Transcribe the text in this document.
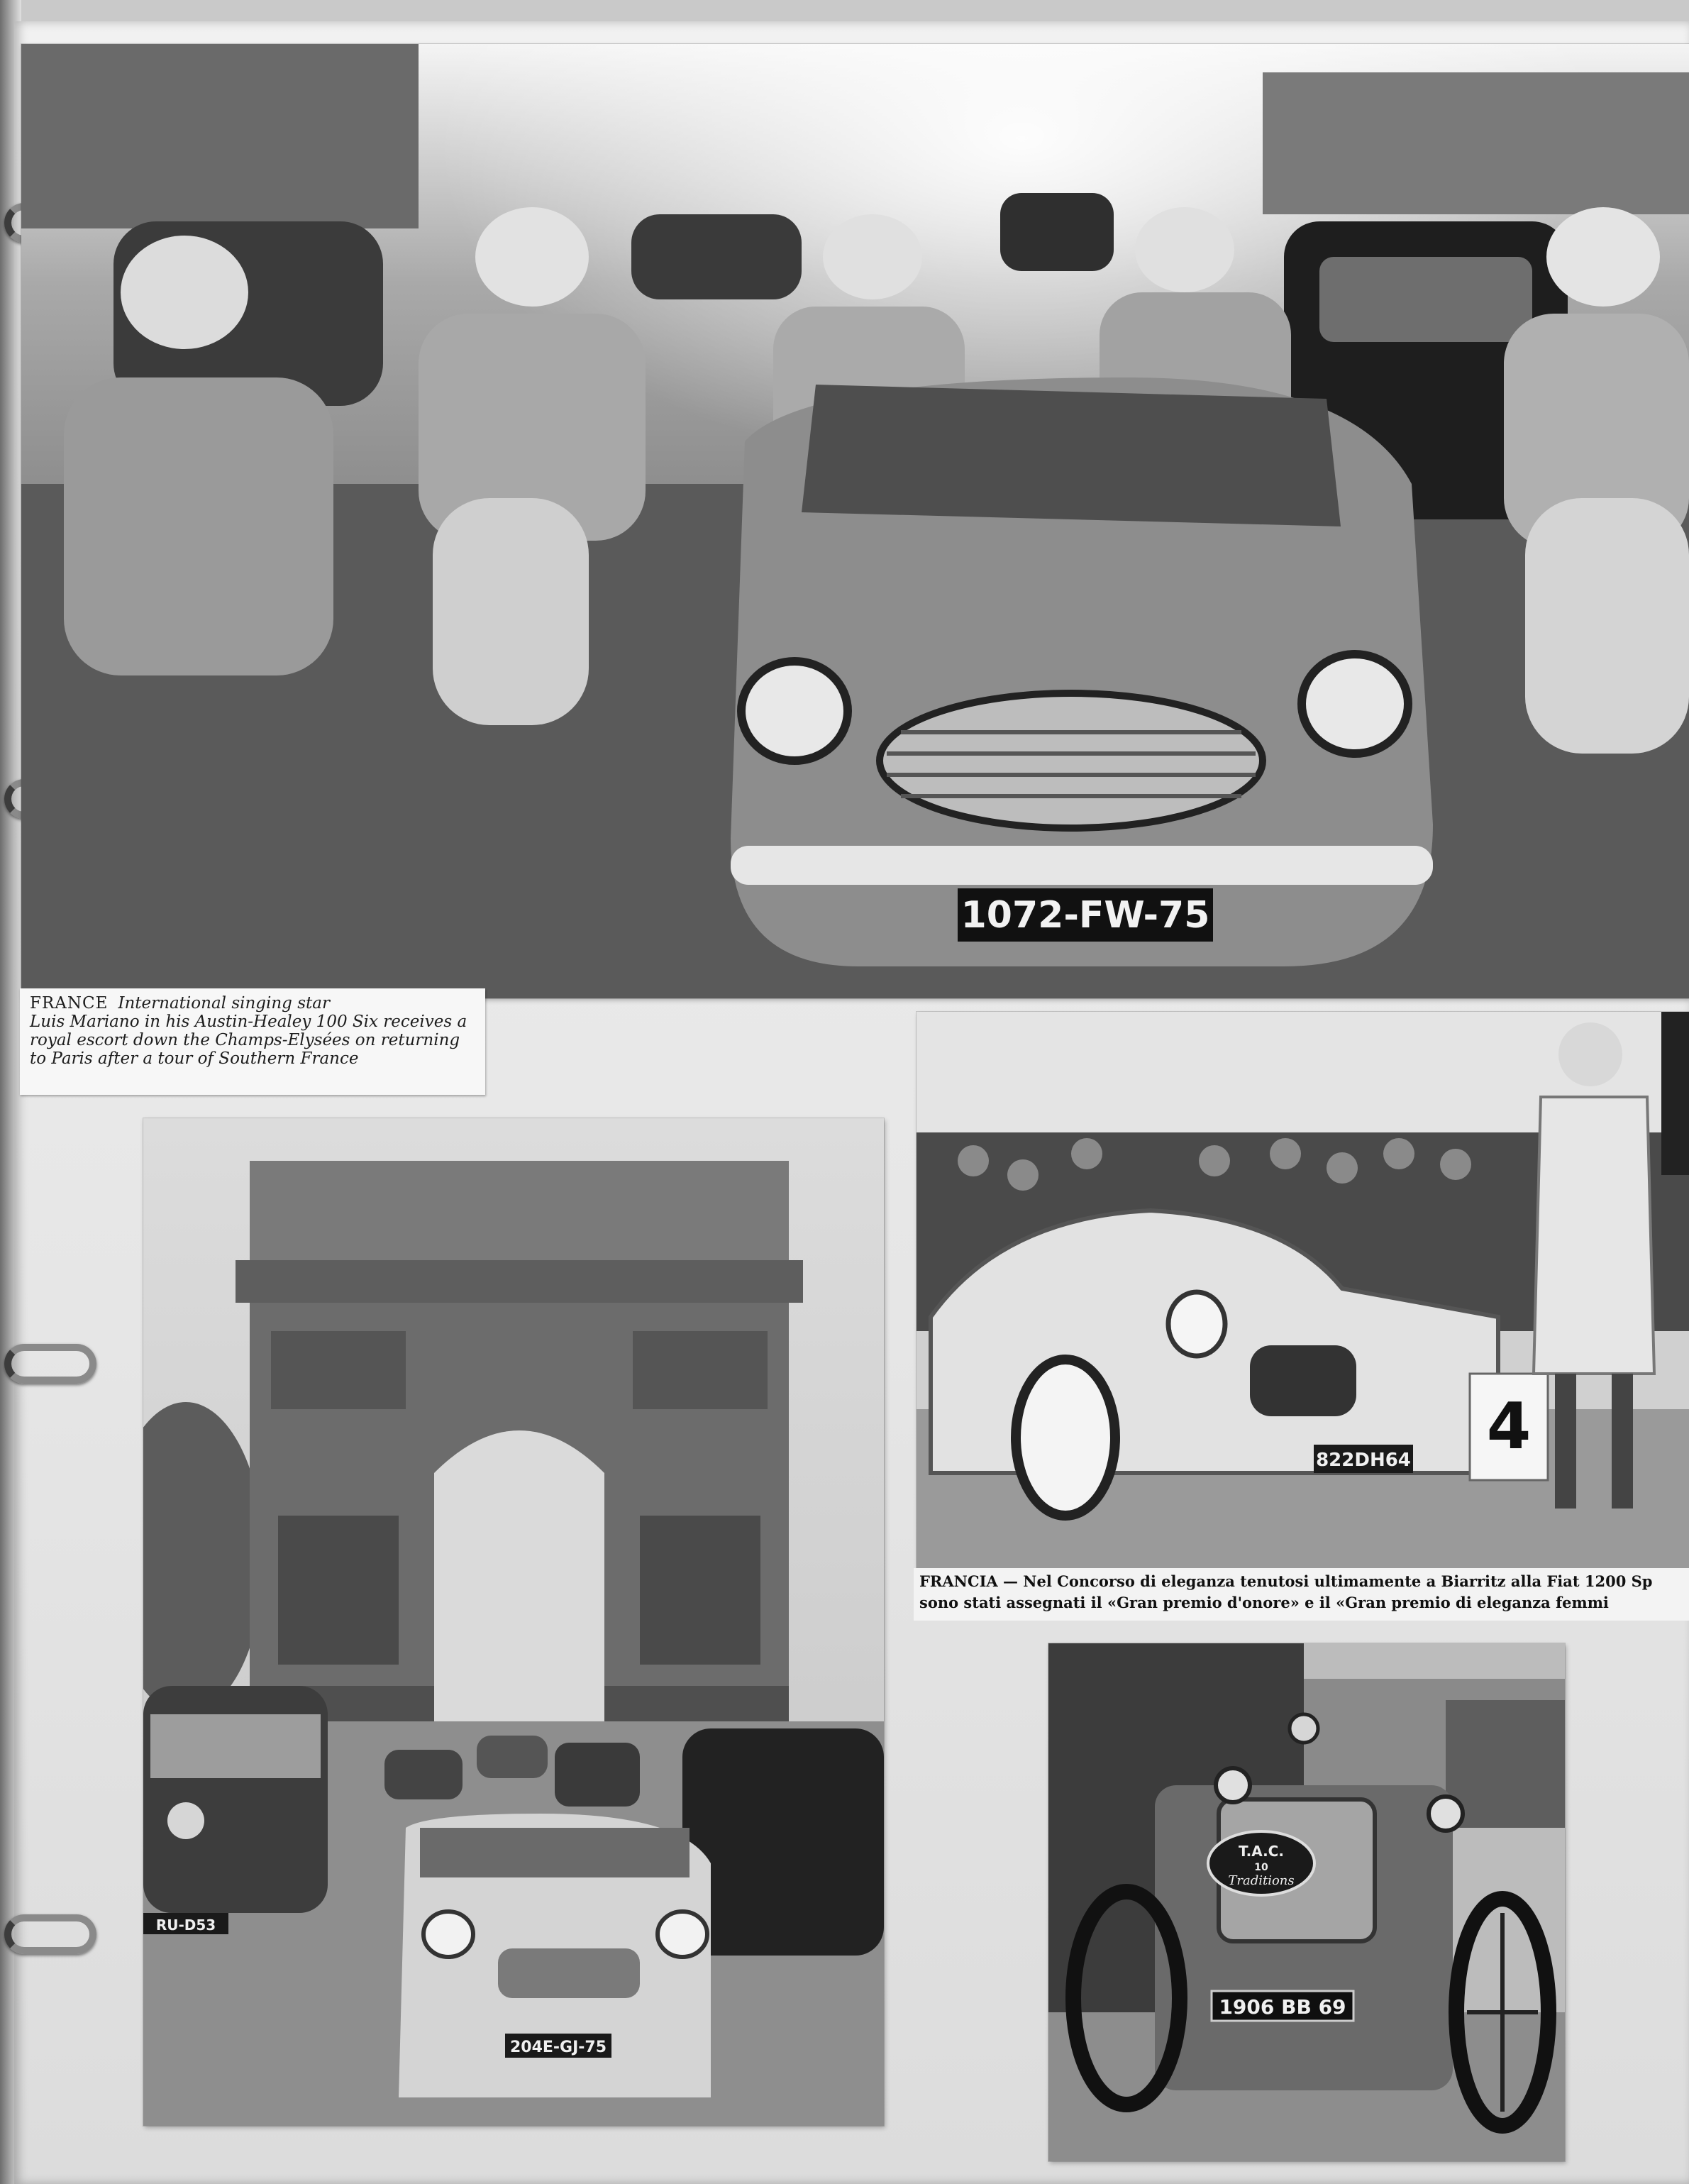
1072-FW-75
FRANCE International singing star
Luis Mariano in his Austin-Healey 100 Six receives a
royal escort down the Champs-Elysées on returning
to Paris after a tour of Southern France
RU-D53
204E-GJ-75
822DH64 4
FRANCIA — Nel Concorso di eleganza tenutosi ultimamente a Biarritz alla Fiat 1200 Sp
sono stati assegnati il «Gran premio d'onore» e il «Gran premio di eleganza femmi
T.A.C.
10
Traditions
1906 BB 69
